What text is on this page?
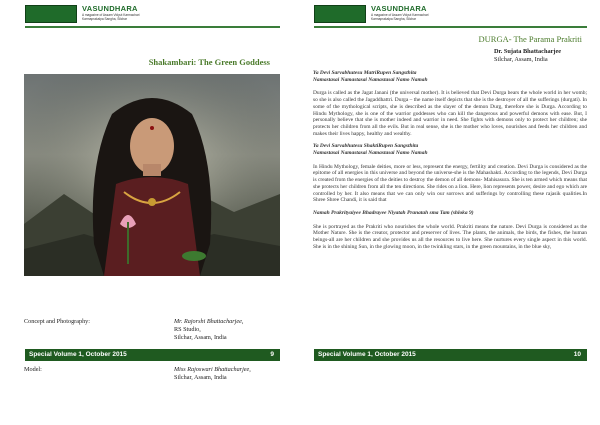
VASUNDHARA
A magazine of Assam Vidyut Karmachari Karmaprakalpa Sangha, Silchar
Shakambari: The Green Goddess
Concept and Photography:	Mr. Rajorshi Bhattacharjee,
RS Studio,
Silchar, Assam, India
Special Volume 1, October 2015	9
Model:	Miss Rajoswari Bhattacharjee,
Silchar, Assam, India
VASUNDHARA
A magazine of Assam Vidyut Karmachari Karmaprakalpa Sangha, Silchar
DURGA- The Parama Prakriti
Dr. Sujata Bhattacharjee
Silchar, Assam, India
Ya Devi Sarvabhutesu MatriRupen Sangsthita
Namastasai Namastasai Namastasai Namo Namah

Durga is called as the Jagat Janani (the universal mother). It is believed that Devi Durga bears the whole world in her womb; so she is also called the Jagaddhattri. Durga – the name itself depicts that she is the destroyer of all the sufferings (durgati). In some of the mythological scripts, she is described as the slayer of the demon Durg, therefore she is Durga. According to Hindu Mythology, she is one of the warrior goddesses who can kill the dangerous and powerful demons with ease. But, I personally believe that she is mother indeed and warrior in need. She fights with demons only to protect her children; she protects her children from all the evils. But in real sense, she is the mother who loves, nourishes and feeds her children and makes their lives happy, healthy and wealthy.

Ya Devi Sarvabhutesu ShaktiRupen Sangsthita
Namastasai Namastasai Namastasai Namo Namah

In Hindu Mythology, female deities, more or less, represent the energy, fertility and creation. Devi Durga is considered as the epitome of all energies in this universe and beyond the universe-she is the Mahashakti. According to the legends, Devi Durga is created from the energies of the deities to destroy the demon of all demons- Mahisasura. She is ten armed which means that she protects her children from all the ten directions. She rides on a lion. Here, lion represents power, desire and ego which are controlled by her. It also means that we can only win our sorrows and sufferings by controlling these rajasik qualities.In Shree Shree Chandi, it is said that

Namah Prakrityaiyee Bhadrayee Niyatah Pranatah sma Tam (shloka 9)

She is portrayed as the Prakriti who nourishes the whole world. Prakriti means the nature. Devi Durga is considered as the Mother Nature. She is the creator, protector and preserver of lives. The plants, the animals, the birds, the fishes, the human beings-all are her children and she provides us all the resources to live here. She nurtures every single aspect in this world. She is in the shining Sun, in the glowing moon, in the twinkling stars, in the green mountains, in the blue sky,

Special Volume 1, October 2015	10
